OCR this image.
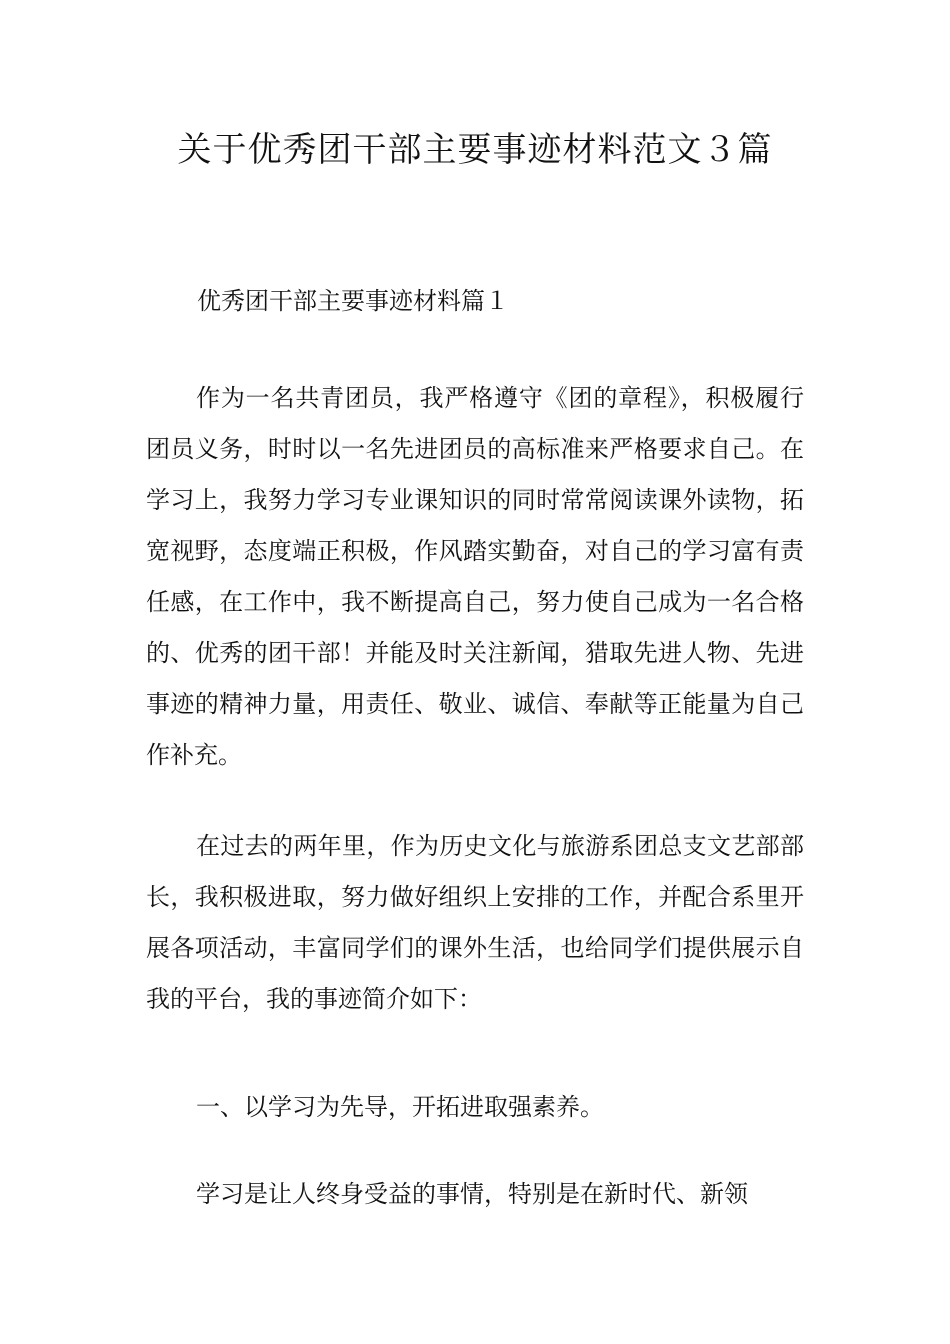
关于优秀团干部主要事迹材料范文３篇

优秀团干部主要事迹材料篇１

作为一名共青团员，我严格遵守《团的章程》，积极履行团员义务，时时以一名先进团员的高标准来严格要求自己。在学习上，我努力学习专业课知识的同时常常阅读课外读物，拓宽视野，态度端正积极，作风踏实勤奋，对自己的学习富有责任感，在工作中，我不断提高自己，努力使自己成为一名合格的、优秀的团干部！并能及时关注新闻，猎取先进人物、先进事迹的精神力量，用责任、敬业、诚信、奉献等正能量为自己作补充。

在过去的两年里，作为历史文化与旅游系团总支文艺部部长，我积极进取，努力做好组织上安排的工作，并配合系里开展各项活动，丰富同学们的课外生活，也给同学们提供展示自我的平台，我的事迹简介如下：

一、以学习为先导，开拓进取强素养。

学习是让人终身受益的事情，特别是在新时代、新领
